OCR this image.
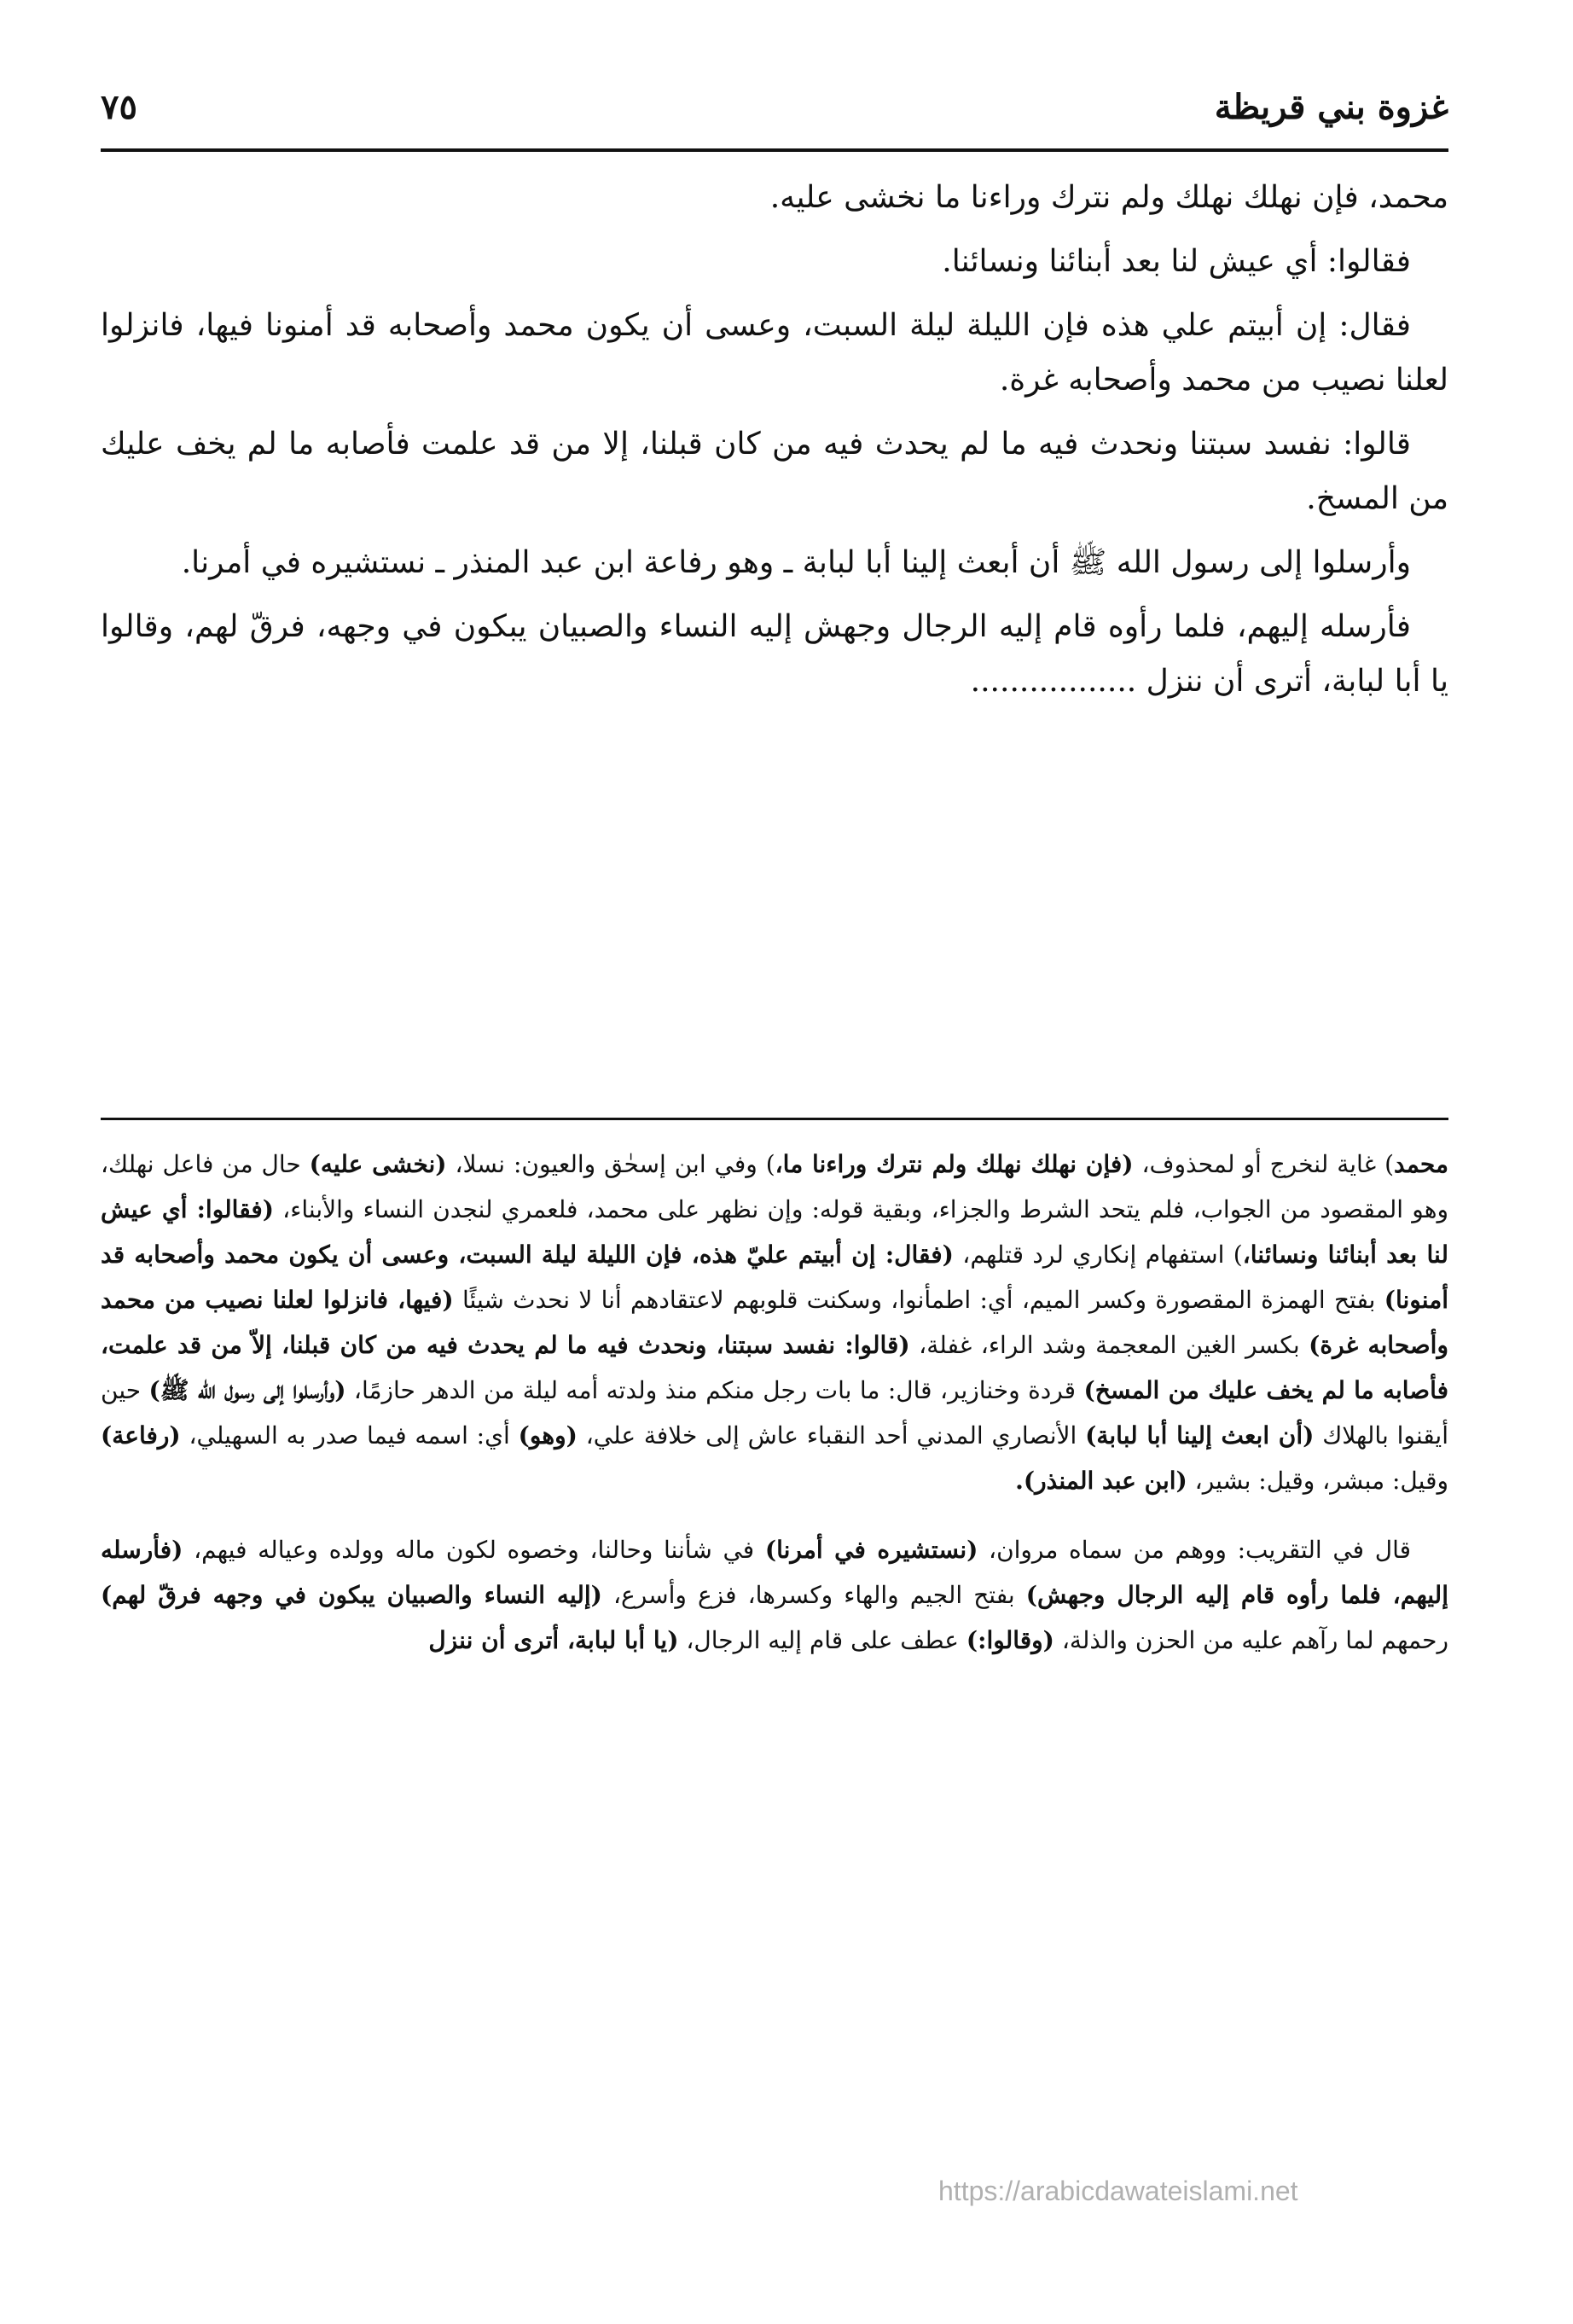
غزوة بني قريظة
٧٥

محمد، فإن نهلك نهلك ولم نترك وراءنا ما نخشى عليه.

فقالوا: أي عيش لنا بعد أبنائنا ونسائنا.

فقال: إن أبيتم علي هذه فإن الليلة ليلة السبت، وعسى أن يكون محمد وأصحابه قد أمنونا فيها، فانزلوا لعلنا نصيب من محمد وأصحابه غرة.

قالوا: نفسد سبتنا ونحدث فيه ما لم يحدث فيه من كان قبلنا، إلا من قد علمت فأصابه ما لم يخف عليك من المسخ.

وأرسلوا إلى رسول الله ﷺ أن أبعث إلينا أبا لبابة ـ وهو رفاعة ابن عبد المنذر ـ نستشيره في أمرنا.

فأرسله إليهم، فلما رأوه قام إليه الرجال وجهش إليه النساء والصبيان يبكون في وجهه، فرقّ لهم، وقالوا يا أبا لبابة، أترى أن ننزل .................

محمد) غاية لنخرج أو لمحذوف، (فإن نهلك نهلك ولم نترك وراءنا ما،) وفي ابن إسحٰق والعيون: نسلا، (نخشى عليه) حال من فاعل نهلك، وهو المقصود من الجواب، فلم يتحد الشرط والجزاء، وبقية قوله: وإن نظهر على محمد، فلعمري لنجدن النساء والأبناء، (فقالوا: أي عيش لنا بعد أبنائنا ونسائنا،) استفهام إنكاري لرد قتلهم، (فقال: إن أبيتم عليّ هذه، فإن الليلة ليلة السبت، وعسى أن يكون محمد وأصحابه قد أمنونا) بفتح الهمزة المقصورة وكسر الميم، أي: اطمأنوا، وسكنت قلوبهم لاعتقادهم أنا لا نحدث شيئًا (فيها، فانزلوا لعلنا نصيب من محمد وأصحابه غرة) بكسر الغين المعجمة وشد الراء، غفلة، (قالوا: نفسد سبتنا، ونحدث فيه ما لم يحدث فيه من كان قبلنا، إلاّ من قد علمت، فأصابه ما لم يخف عليك من المسخ) قردة وخنازير، قال: ما بات رجل منكم منذ ولدته أمه ليلة من الدهر حازمًا، (وأرسلوا إلى رسول الله ﷺ) حين أيقنوا بالهلاك (أن ابعث إلينا أبا لبابة) الأنصاري المدني أحد النقباء عاش إلى خلافة علي، (وهو) أي: اسمه فيما صدر به السهيلي، (رفاعة) وقيل: مبشر، وقيل: بشير، (ابن عبد المنذر).

قال في التقريب: ووهم من سماه مروان، (نستشيره في أمرنا) في شأننا وحالنا، وخصوه لكون ماله وولده وعياله فيهم، (فأرسله إليهم، فلما رأوه قام إليه الرجال وجهش) بفتح الجيم والهاء وكسرها، فزع وأسرع، (إليه النساء والصبيان يبكون في وجهه فرقّ لهم) رحمهم لما رآهم عليه من الحزن والذلة، (وقالوا:) عطف على قام إليه الرجال، (يا أبا لبابة، أترى أن ننزل

https://arabicdawateislami.net
